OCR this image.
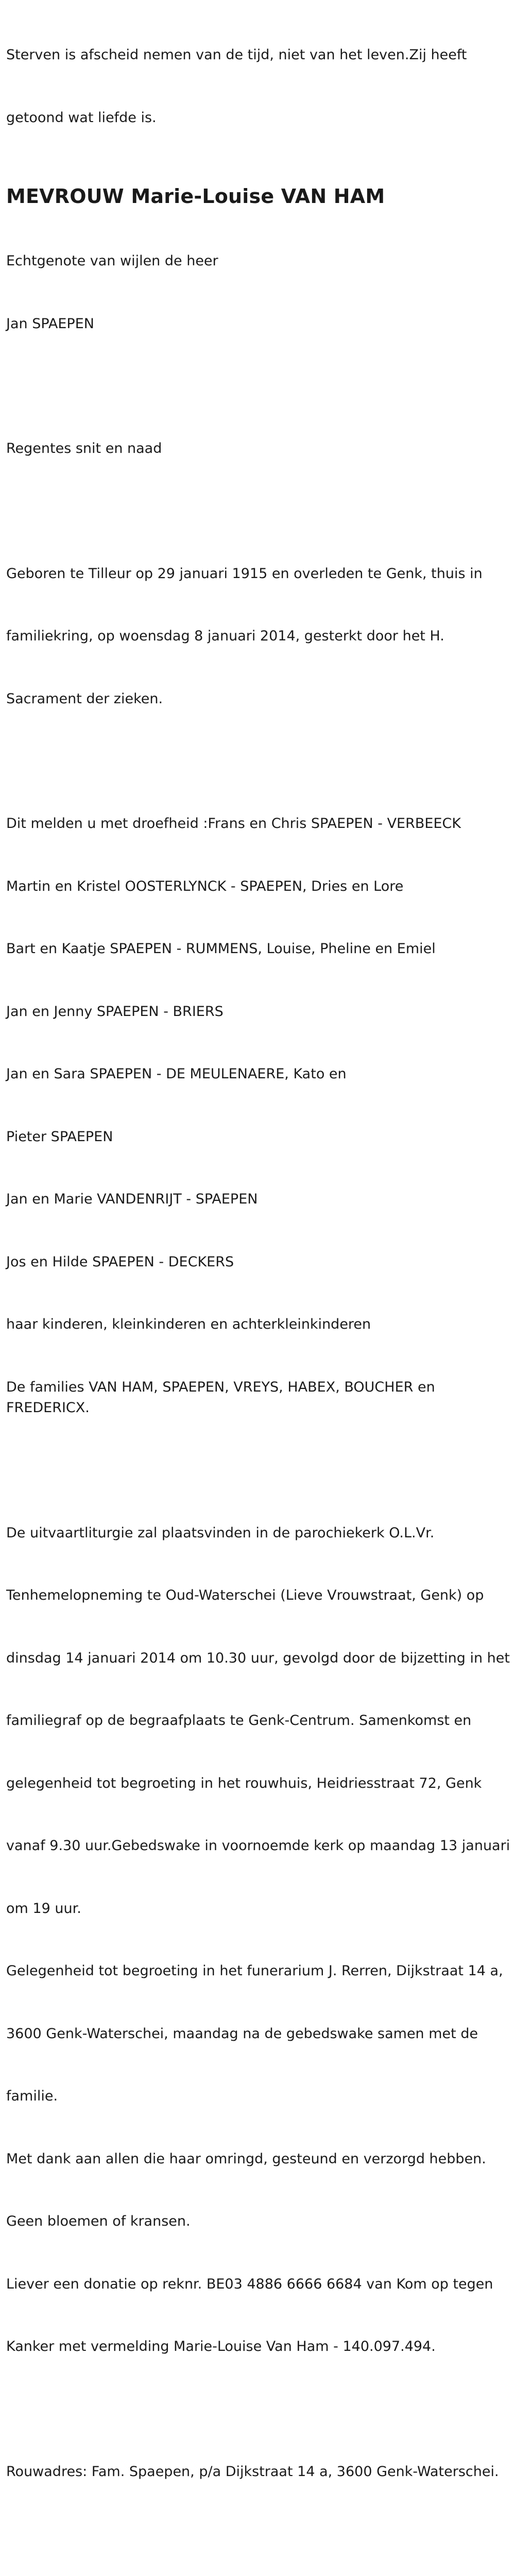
Sterven is afscheid nemen van de tijd, niet van het leven.Zij heeft

getoond wat liefde is.

MEVROUW Marie-Louise VAN HAM

Echtgenote van wijlen de heer

Jan SPAEPEN

Regentes snit en naad

Geboren te Tilleur op 29 januari 1915 en overleden te Genk, thuis in

familiekring, op woensdag 8 januari 2014, gesterkt door het H.

Sacrament der zieken.

Dit melden u met droefheid :Frans en Chris SPAEPEN - VERBEECK

Martin en Kristel OOSTERLYNCK - SPAEPEN, Dries en Lore

Bart en Kaatje SPAEPEN - RUMMENS, Louise, Pheline en Emiel

Jan en Jenny SPAEPEN - BRIERS

Jan en Sara SPAEPEN - DE MEULENAERE, Kato en

Pieter SPAEPEN

Jan en Marie VANDENRIJT - SPAEPEN

Jos en Hilde SPAEPEN - DECKERS

haar kinderen, kleinkinderen en achterkleinkinderen

De families VAN HAM, SPAEPEN, VREYS, HABEX, BOUCHER en FREDERICX.

De uitvaartliturgie zal plaatsvinden in de parochiekerk O.L.Vr.

Tenhemelopneming te Oud-Waterschei (Lieve Vrouwstraat, Genk) op

dinsdag 14 januari 2014 om 10.30 uur, gevolgd door de bijzetting in het

familiegraf op de begraafplaats te Genk-Centrum. Samenkomst en

gelegenheid tot begroeting in het rouwhuis, Heidriesstraat 72, Genk

vanaf 9.30 uur.Gebedswake in voornoemde kerk op maandag 13 januari

om 19 uur.

Gelegenheid tot begroeting in het funerarium J. Rerren, Dijkstraat 14 a,

3600 Genk-Waterschei, maandag na de gebedswake samen met de

familie.

Met dank aan allen die haar omringd, gesteund en verzorgd hebben.

Geen bloemen of kransen.

Liever een donatie op reknr. BE03 4886 6666 6684 van Kom op tegen

Kanker met vermelding Marie-Louise Van Ham - 140.097.494.

Rouwadres: Fam. Spaepen, p/a Dijkstraat 14 a, 3600 Genk-Waterschei.
